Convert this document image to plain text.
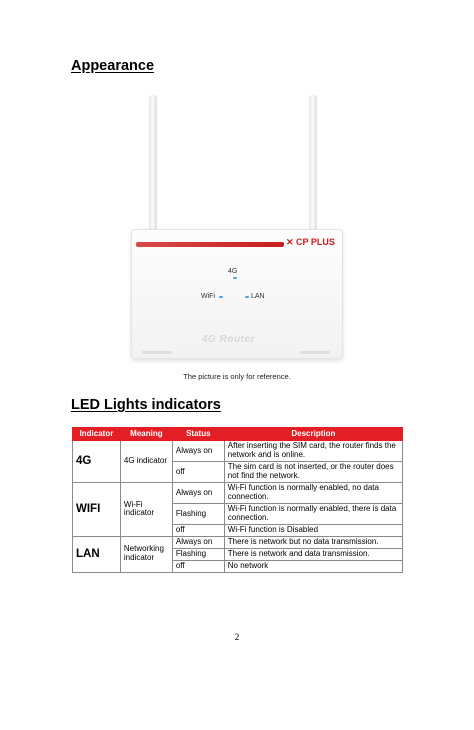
Appearance
✕ CP PLUS
4G
WiFi	LAN
4G Router
The picture is only for reference.
LED Lights indicators
Indicator	Meaning	Status	Description
4G	4G indicator	Always on	After inserting the SIM card, the router finds the network and is online.
		off	The sim card is not inserted, or the router does not find the network.
WIFI	Wi-Fi indicator	Always on	Wi-Fi function is normally enabled, no data connection.
		Flashing	Wi-Fi function is normally enabled, there is data connection.
		off	Wi-Fi function is Disabled
LAN	Networking indicator	Always on	There is network but no data transmission.
		Flashing	There is network and data transmission.
		off	No network
2
